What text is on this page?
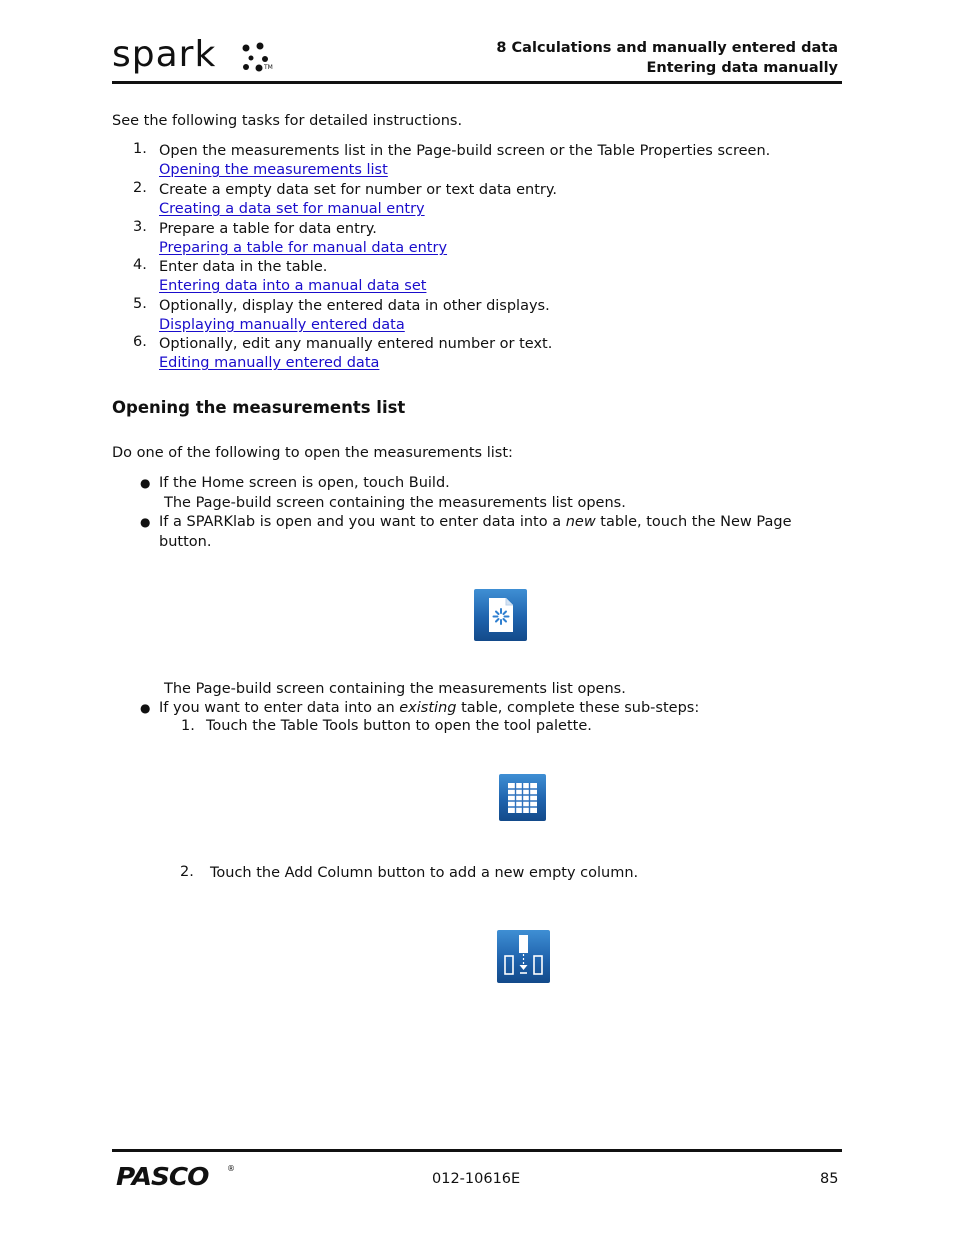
spark	TM
8 Calculations and manually entered data
Entering data manually
See the following tasks for detailed instructions.
1. Open the measurements list in the Page-build screen or the Table Properties screen.
Opening the measurements list
2. Create a empty data set for number or text data entry.
Creating a data set for manual entry
3. Prepare a table for data entry.
Preparing a table for manual data entry
4. Enter data in the table.
Entering data into a manual data set
5. Optionally, display the entered data in other displays.
Displaying manually entered data
6. Optionally, edit any manually entered number or text.
Editing manually entered data
Opening the measurements list
Do one of the following to open the measurements list:
● If the Home screen is open, touch Build.
The Page-build screen containing the measurements list opens.
● If a SPARKlab is open and you want to enter data into a new table, touch the New Page
button.
The Page-build screen containing the measurements list opens.
● If you want to enter data into an existing table, complete these sub-steps:
1. Touch the Table Tools button to open the tool palette.
2. Touch the Add Column button to add a new empty column.
PASCO ®
012-10616E	85
